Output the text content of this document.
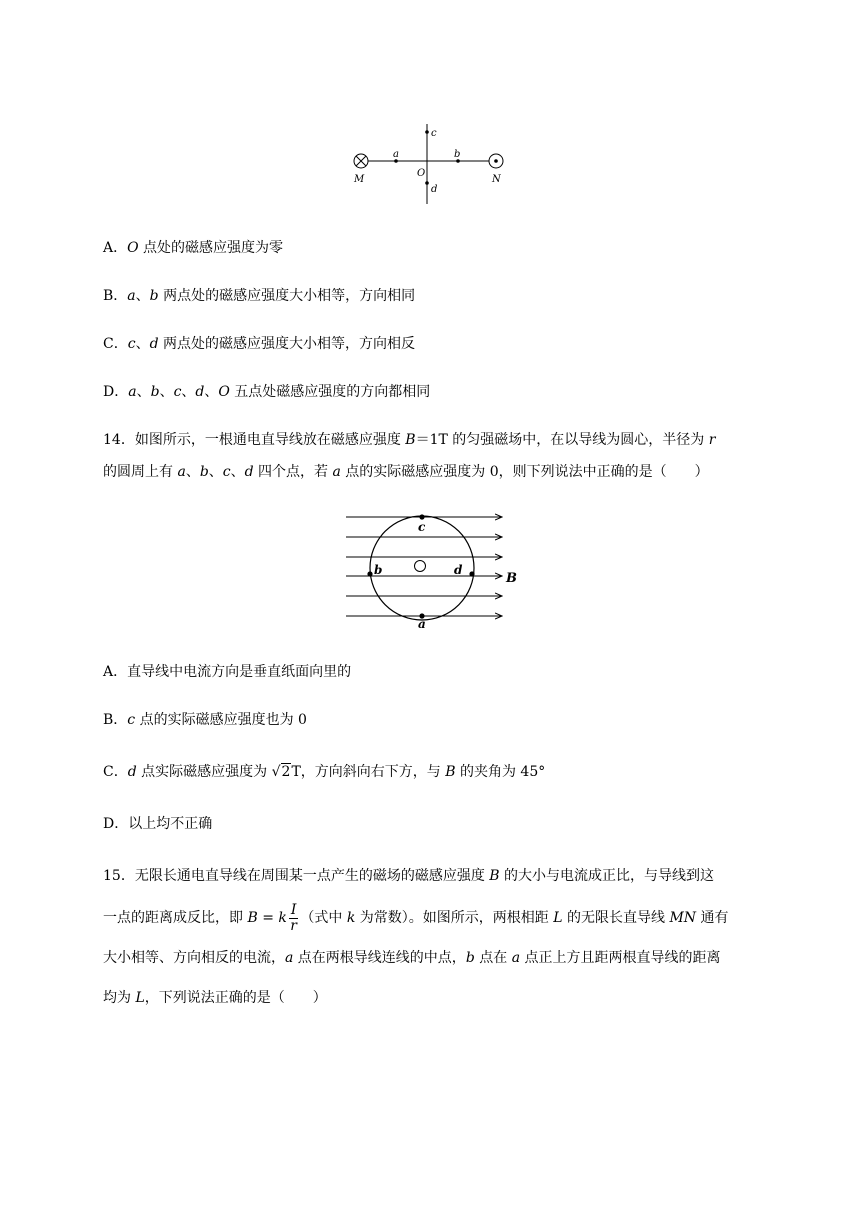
a	b
c
d
O
M	N
A．O 点处的磁感应强度为零
B．a、b 两点处的磁感应强度大小相等，方向相同
C．c、d 两点处的磁感应强度大小相等，方向相反
D．a、b、c、d、O 五点处磁感应强度的方向都相同
14．如图所示，一根通电直导线放在磁感应强度 B＝1T 的匀强磁场中，在以导线为圆心，半径为 r
的圆周上有 a、b、c、d 四个点，若 a 点的实际磁感应强度为 0，则下列说法中正确的是（　　）
c
a
b	d
B
A．直导线中电流方向是垂直纸面向里的
B．c 点的实际磁感应强度也为 0
C．d 点实际磁感应强度为 √2T，方向斜向右下方，与 B 的夹角为 45°
D．以上均不正确
15．无限长通电直导线在周围某一点产生的磁场的磁感应强度 B 的大小与电流成正比，与导线到这
一点的距离成反比，即 B = k $\frac{I}{r}$ （式中 k 为常数）。如图所示，两根相距 L 的无限长直导线 MN 通有
大小相等、方向相反的电流，a 点在两根导线连线的中点，b 点在 a 点正上方且距两根直导线的距离
均为 L，下列说法正确的是（　　）
